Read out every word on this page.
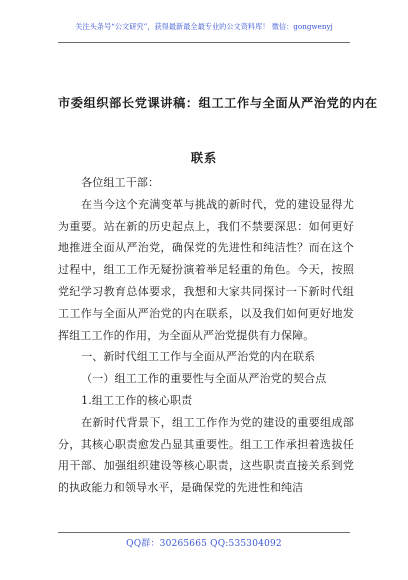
关注头条号“公文研究”，获得最新最全最专业的公文资料库！ 微信：gongwenyj
市委组织部长党课讲稿：组工工作与全面从严治党的内在
联系

各位组工干部：

在当今这个充满变革与挑战的新时代，党的建设显得尤为重要。站在新的历史起点上，我们不禁要深思：如何更好地推进全面从严治党，确保党的先进性和纯洁性？而在这个过程中，组工工作无疑扮演着举足轻重的角色。今天，按照党纪学习教育总体要求，我想和大家共同探讨一下新时代组工工作与全面从严治党的内在联系，以及我们如何更好地发挥组工工作的作用，为全面从严治党提供有力保障。

一、新时代组工工作与全面从严治党的内在联系

（一）组工工作的重要性与全面从严治党的契合点

1.组工工作的核心职责

在新时代背景下，组工工作作为党的建设的重要组成部分，其核心职责愈发凸显其重要性。组工工作承担着选拔任用干部、加强组织建设等核心职责，这些职责直接关系到党的执政能力和领导水平，是确保党的先进性和纯洁

QQ群：30265665 QQ:535304092
